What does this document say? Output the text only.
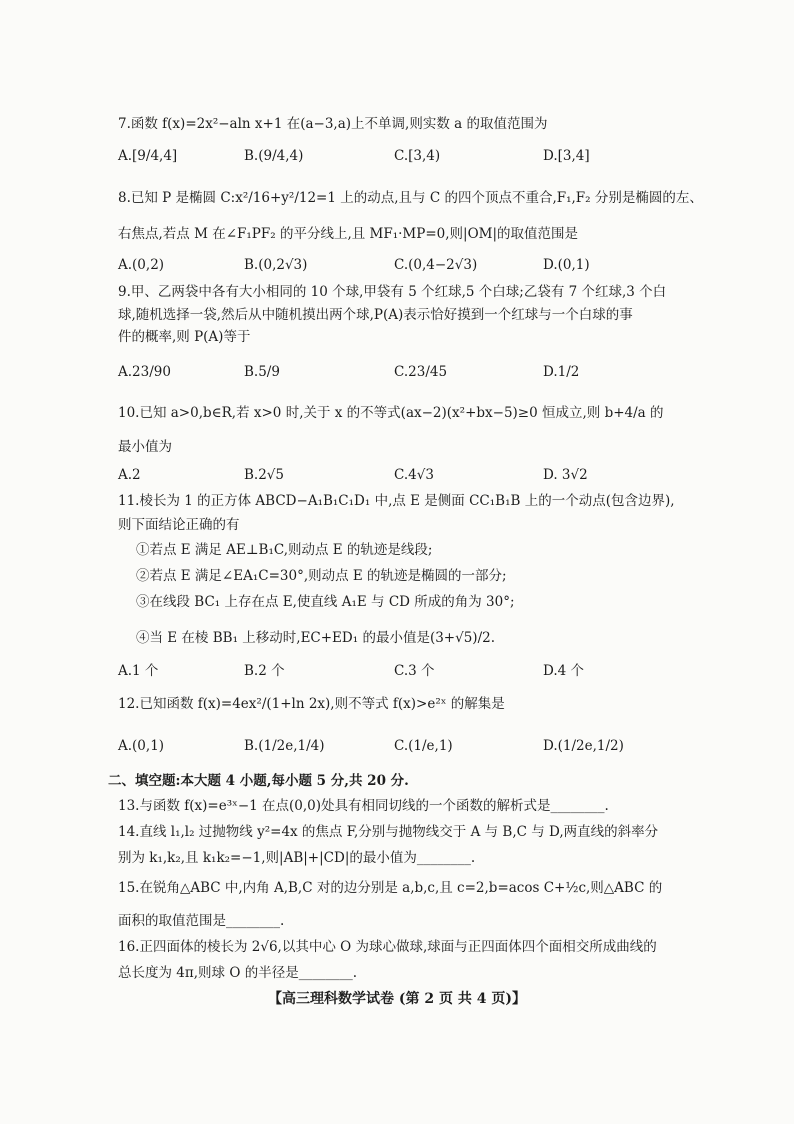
7.函数 f(x)=2x²−aln x+1 在(a−3,a)上不单调,则实数 a 的取值范围为
A.[9/4,4]	B.(9/4,4)	C.[3,4)	D.[3,4]
8.已知 P 是椭圆 C:x²/16+y²/12=1 上的动点,且与 C 的四个顶点不重合,F₁,F₂ 分别是椭圆的左、
右焦点,若点 M 在∠F₁PF₂ 的平分线上,且 MF₁·MP=0,则|OM|的取值范围是
A.(0,2)	B.(0,2√3)	C.(0,4−2√3)	D.(0,1)
9.甲、乙两袋中各有大小相同的 10 个球,甲袋有 5 个红球,5 个白球;乙袋有 7 个红球,3 个白
球,随机选择一袋,然后从中随机摸出两个球,P(A)表示恰好摸到一个红球与一个白球的事
件的概率,则 P(A)等于
A.23/90	B.5/9	C.23/45	D.1/2
10.已知 a>0,b∈R,若 x>0 时,关于 x 的不等式(ax−2)(x²+bx−5)≥0 恒成立,则 b+4/a 的
最小值为
A.2	B.2√5	C.4√3	D. 3√2
11.棱长为 1 的正方体 ABCD−A₁B₁C₁D₁ 中,点 E 是侧面 CC₁B₁B 上的一个动点(包含边界),
则下面结论正确的有
①若点 E 满足 AE⊥B₁C,则动点 E 的轨迹是线段;
②若点 E 满足∠EA₁C=30°,则动点 E 的轨迹是椭圆的一部分;
③在线段 BC₁ 上存在点 E,使直线 A₁E 与 CD 所成的角为 30°;
④当 E 在棱 BB₁ 上移动时,EC+ED₁ 的最小值是(3+√5)/2.
A.1 个	B.2 个	C.3 个	D.4 个
12.已知函数 f(x)=4ex²/(1+ln 2x),则不等式 f(x)>e²ˣ 的解集是
A.(0,1)	B.(1/2e,1/4)	C.(1/e,1)	D.(1/2e,1/2)
二、填空题:本大题 4 小题,每小题 5 分,共 20 分.
13.与函数 f(x)=e³ˣ−1 在点(0,0)处具有相同切线的一个函数的解析式是________.
14.直线 l₁,l₂ 过抛物线 y²=4x 的焦点 F,分别与抛物线交于 A 与 B,C 与 D,两直线的斜率分
别为 k₁,k₂,且 k₁k₂=−1,则|AB|+|CD|的最小值为________.
15.在锐角△ABC 中,内角 A,B,C 对的边分别是 a,b,c,且 c=2,b=acos C+½c,则△ABC 的
面积的取值范围是________.
16.正四面体的棱长为 2√6,以其中心 O 为球心做球,球面与正四面体四个面相交所成曲线的
总长度为 4π,则球 O 的半径是________.
【高三理科数学试卷 (第 2 页 共 4 页)】
